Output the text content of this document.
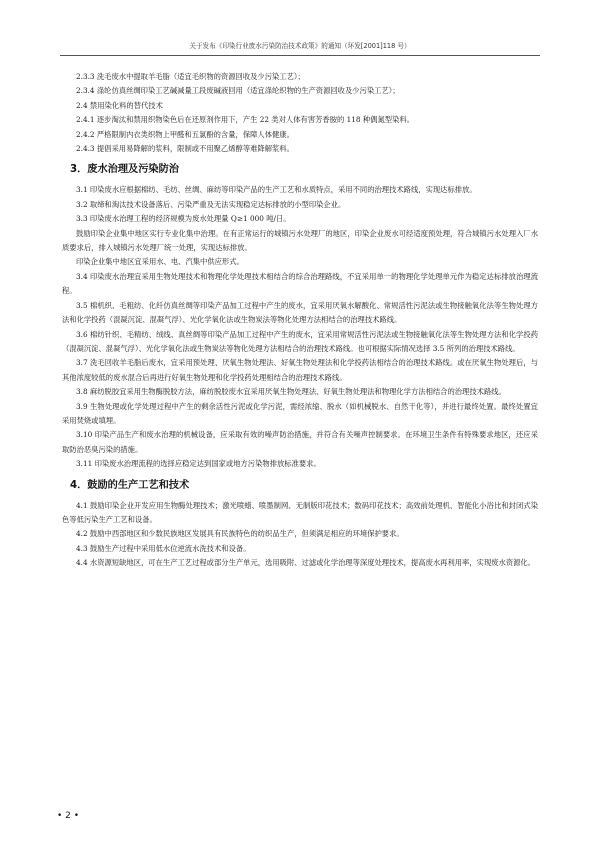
关于发布《印染行业废水污染防治技术政策》的通知（环发[2001]118 号）

2.3.3 洗毛废水中提取羊毛脂（适宜毛织物的资源回收及少污染工艺）；

2.3.4 涤纶仿真丝绸印染工艺碱减量工段废碱液回用（适宜涤纶织物的生产资源回收及少污染工艺）；

2.4 禁用染化料的替代技术

2.4.1 逐步淘汰和禁用织物染色后在还原剂作用下，产生 22 类对人体有害芳香胺的 118 种偶氮型染料。

2.4.2 严格限制内衣类织物上甲醛和五氯酚的含量，保障人体健康。

2.4.3 提倡采用易降解的浆料，限制或不用聚乙烯醇等难降解浆料。

3．废水治理及污染防治

3.1 印染废水应根据棉纺、毛纺、丝绸、麻纺等印染产品的生产工艺和水质特点，采用不同的治理技术路线，实现达标排放。

3.2 取缔和淘汰技术设备落后、污染严重及无法实现稳定达标排放的小型印染企业。

3.3 印染废水治理工程的经济规模为废水处理量 Q≥1 000 吨/日。

鼓励印染企业集中地区实行专业化集中治理。在有正常运行的城镇污水处理厂的地区，印染企业废水可经适度预处理，符合城镇污水处理入厂水质要求后，排入城镇污水处理厂统一处理，实现达标排放。

印染企业集中地区宜采用水、电、汽集中供应形式。

3.4 印染废水治理宜采用生物处理技术和物理化学处理技术相结合的综合治理路线，不宜采用单一的物理化学处理单元作为稳定达标排放治理流程。

3.5 棉机织、毛粗纺、化纤仿真丝绸等印染产品加工过程中产生的废水，宜采用厌氧水解酸化、常规活性污泥法或生物接触氧化法等生物处理方法和化学投药（混凝沉淀、混凝气浮）、光化学氧化法或生物炭法等物化处理方法相结合的治理技术路线。

3.6 棉纺针织、毛精纺、绒线、真丝绸等印染产品加工过程中产生的废水，宜采用常规活性污泥法或生物接触氧化法等生物处理方法和化学投药（混凝沉淀、混凝气浮）、光化学氧化法或生物炭法等物化处理方法相结合的治理技术路线。也可根据实际情况选择 3.5 所列的治理技术路线。

3.7 洗毛回收羊毛脂后废水，宜采用预处理、厌氧生物处理法、好氧生物处理法和化学投药法相结合的治理技术路线。或在厌氧生物处理后，与其他浓度较低的废水混合后再进行好氧生物处理和化学投药处理相结合的治理技术路线。

3.8 麻纺脱胶宜采用生物酶脱胶方法，麻纺脱胶废水宜采用厌氧生物处理法、好氧生物处理法和物理化学方法相结合的治理技术路线。

3.9 生物处理或化学处理过程中产生的剩余活性污泥或化学污泥，需经浓缩、脱水（如机械脱水、自然干化等），并进行最终处置。最终处置宜采用焚烧或填埋。

3.10 印染产品生产和废水治理的机械设备，应采取有效的噪声防治措施，并符合有关噪声控制要求。在环境卫生条件有特殊要求地区，还应采取防治恶臭污染的措施。

3.11 印染废水治理流程的选择应稳定达到国家或地方污染物排放标准要求。

4．鼓励的生产工艺和技术

4.1 鼓励印染企业开发应用生物酶处理技术；激光喷蜡、喷墨制网、无制版印花技术；数码印花技术；高效前处理机、智能化小浴比和封闭式染色等低污染生产工艺和设备。

4.2 鼓励中西部地区和少数民族地区发展具有民族特色的纺织品生产，但须满足相应的环境保护要求。

4.3 鼓励生产过程中采用低水位逆流水洗技术和设备。

4.4 水资源短缺地区，可在生产工艺过程或部分生产单元，选用吸附、过滤或化学治理等深度处理技术，提高废水再利用率，实现废水资源化。

• 2 •
